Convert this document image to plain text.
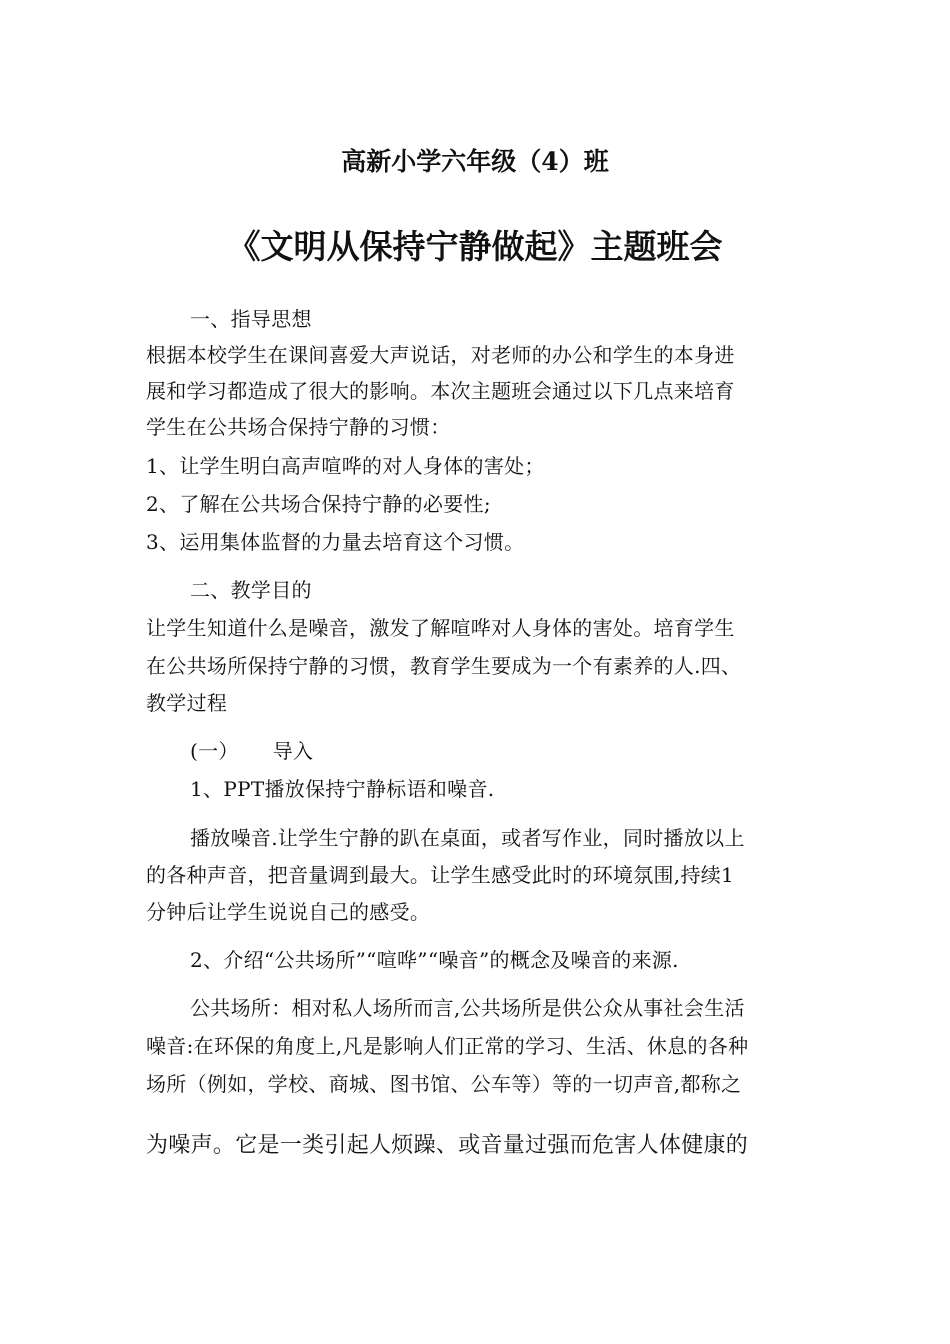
高新小学六年级（4）班
《文明从保持宁静做起》主题班会
一、指导思想
根据本校学生在课间喜爱大声说话，对老师的办公和学生的本身进
展和学习都造成了很大的影响。本次主题班会通过以下几点来培育
学生在公共场合保持宁静的习惯：
1、让学生明白高声喧哗的对人身体的害处；
2、了解在公共场合保持宁静的必要性;
3、运用集体监督的力量去培育这个习惯。
二、教学目的
让学生知道什么是噪音，激发了解喧哗对人身体的害处。培育学生
在公共场所保持宁静的习惯，教育学生要成为一个有素养的人.四、
教学过程
(一） 导入
1、PPT播放保持宁静标语和噪音.
播放噪音.让学生宁静的趴在桌面，或者写作业，同时播放以上
的各种声音，把音量调到最大。让学生感受此时的环境氛围,持续1
分钟后让学生说说自己的感受。
2、介绍“公共场所”“喧哗”“噪音”的概念及噪音的来源.
公共场所：相对私人场所而言,公共场所是供公众从事社会生活
噪音:在环保的角度上,凡是影响人们正常的学习、生活、休息的各种
场所（例如，学校、商城、图书馆、公车等）等的一切声音,都称之
为噪声。它是一类引起人烦躁、或音量过强而危害人体健康的
